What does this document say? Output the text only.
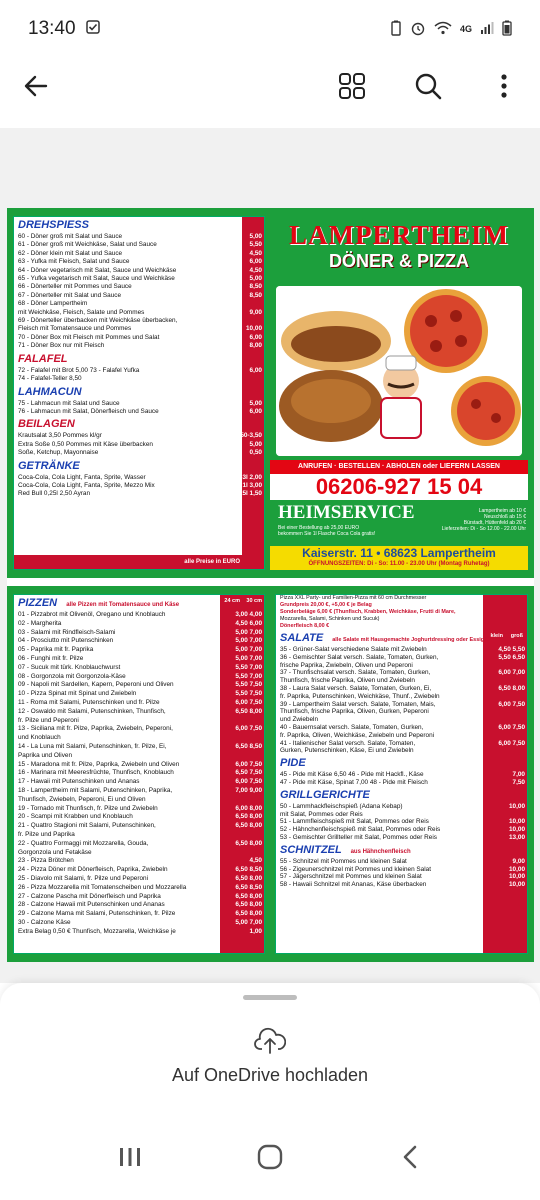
13:40	4G
DREHSPIESS
60 - Döner groß mit Salat und Sauce	5,00
61 - Döner groß mit Weichkäse, Salat und Sauce	5,50
62 - Döner klein mit Salat und Sauce	4,50
63 - Yufka mit Fleisch, Salat und Sauce	6,00
64 - Döner vegetarisch mit Salat, Sauce und Weichkäse	4,50
65 - Yufka vegetarisch mit Salat, Sauce und Weichkäse	5,00
66 - Dönerteller mit Pommes und Sauce	8,50
67 - Dönerteller mit Salat und Sauce	8,50
68 - Döner Lampertheim
mit Weichkäse, Fleisch, Salate und Pommes	9,00
69 - Dönerteller überbacken mit Weichkäse überbacken,
Fleisch mit Tomatensauce und Pommes	10,00
70 - Döner Box mit Fleisch mit Pommes und Salat	6,00
71 - Döner Box nur mit Fleisch	8,00
FALAFEL
72 - Falafel mit Brot 5,00 73 - Falafel Yufka	6,00
74 - Falafel-Teller 8,50
LAHMACUN
75 - Lahmacun mit Salat und Sauce	5,00
76 - Lahmacun mit Salat, Dönerfleisch und Sauce	6,00
BEILAGEN
Krautsalat 3,50 Pommes kl/gr	2,50-3,50
Extra Soße 0,50 Pommes mit Käse überbacken	5,00
Soße, Ketchup, Mayonnaise	0,50
GETRÄNKE
Coca-Cola, Cola Light, Fanta, Sprite, Wasser	0,33l 2,00
Coca-Cola, Cola Light, Fanta, Sprite, Mezzo Mix	1l 3,00
Red Bull 0,25l 2,50 Ayran	0,25l 1,50
alle Preise in EURO
LAMPERTHEIM
DÖNER & PIZZA
ANRUFEN · BESTELLEN · ABHOLEN oder LIEFERN LASSEN
06206-927 15 04
HEIMSERVICE
Bei einer Bestellung ab 25,00 EURO
bekommen Sie 1l Flasche Coca Cola gratis!
Lampertheim ab 10 €
Neuschloß ab 15 €
Bürstadt, Hüttenfeld ab 20 €
Lieferzeiten: Di - So 12.00 - 22.00 Uhr
Kaiserstr. 11 • 68623 Lampertheim
ÖFFNUNGSZEITEN: Di - So: 11.00 - 23.00 Uhr (Montag Ruhetag)
PIZZEN alle Pizzen mit Tomatensauce und Käse
24 cm 30 cm
01 - Pizzabrot mit Olivenöl, Oregano und Knoblauch	3,00 4,00
02 - Margherita	4,50 6,00
03 - Salami mit Rindfleisch-Salami	5,00 7,00
04 - Prosciutto mit Putenschinken	5,00 7,00
05 - Paprika mit fr. Paprika	5,00 7,00
06 - Funghi mit fr. Pilze	5,00 7,00
07 - Sucuk mit türk. Knoblauchwurst	5,50 7,00
08 - Gorgonzola mit Gorgonzola-Käse	5,50 7,00
09 - Napoli mit Sardellen, Kapern, Peperoni und Oliven	5,50 7,50
10 - Pizza Spinat mit Spinat und Zwiebeln	5,50 7,50
11 - Roma mit Salami, Putenschinken und fr. Pilze	6,00 7,50
12 - Oswaldo mit Salami, Putenschinken, Thunfisch,	6,50 8,00
fr. Pilze und Peperoni
13 - Siciliana mit fr. Pilze, Paprika, Zwiebeln, Peperoni,	6,00 7,50
und Knoblauch
14 - La Luna mit Salami, Putenschinken, fr. Pilze, Ei,	6,50 8,50
Paprika und Oliven
15 - Maradona mit fr. Pilze, Paprika, Zwiebeln und Oliven	6,00 7,50
16 - Marinara mit Meeresfrüchte, Thunfisch, Knoblauch	6,50 7,50
17 - Hawaii mit Putenschinken und Ananas	6,00 7,50
18 - Lampertheim mit Salami, Putenschinken, Paprika,	7,00 9,00
Thunfisch, Zwiebeln, Peperoni, Ei und Oliven
19 - Tornado mit Thunfisch, fr. Pilze und Zwiebeln	6,00 8,00
20 - Scampi mit Krabben und Knoblauch	6,50 8,00
21 - Quattro Stagioni mit Salami, Putenschinken,	6,50 8,00
fr. Pilze und Paprika
22 - Quattro Formaggi mit Mozzarella, Gouda,	6,50 8,00
Gorgonzola und Fetakäse
23 - Pizza Brötchen	4,50
24 - Pizza Döner mit Dönerfleisch, Paprika, Zwiebeln	6,50 8,50
25 - Diavolo mit Salami, fr. Pilze und Peperoni	6,50 8,00
26 - Pizza Mozzarella mit Tomatenscheiben und Mozzarella	6,50 8,50
27 - Calzone Pascha mit Dönerfleisch und Paprika	6,50 8,00
28 - Calzone Hawaii mit Putenschinken und Ananas	6,50 8,00
29 - Calzone Mama mit Salami, Putenschinken, fr. Pilze	6,50 8,00
30 - Calzone Käse	5,00 7,00
Extra Belag 0,50 € Thunfisch, Mozzarella, Weichkäse je	1,00
Pizza XXL Party- und Familien-Pizza mit 60 cm Durchmesser
Grundpreis 20,00 €, +5,00 € je Belag
Sonderbeläge 6,00 € (Thunfisch, Krabben, Weichkäse, Frutti di Mare,
Mozzarella, Salami, Schinken und Sucuk)
Dönerfleisch 8,00 €
SALATE alle Salate mit Hausgemachte Joghurtdressing oder Essig-Öl
klein groß
35 - Grüner-Salat verschiedene Salate mit Zwiebeln	4,50 5,50
36 - Gemischter Salat versch. Salate, Tomaten, Gurken,	5,50 6,50
frische Paprika, Zwiebeln, Oliven und Peperoni
37 - Thunfischsalat versch. Salate, Tomaten, Gurken,	6,00 7,00
Thunfisch, frische Paprika, Oliven und Zwiebeln
38 - Laura Salat versch. Salate, Tomaten, Gurken, Ei,	6,50 8,00
fr. Paprika, Putenschinken, Weichkäse, Thunf., Zwiebeln
39 - Lampertheim Salat versch. Salate, Tomaten, Mais,	6,00 7,50
Thunfisch, frische Paprika, Oliven, Gurken, Peperoni
und Zwiebeln
40 - Bauernsalat versch. Salate, Tomaten, Gurken,	6,00 7,50
fr. Paprika, Oliven, Weichkäse, Zwiebeln und Peperoni
41 - Italienischer Salat versch. Salate, Tomaten,	6,00 7,50
Gurken, Putenschinken, Käse, Ei und Zwiebeln
PIDE
45 - Pide mit Käse 6,50 46 - Pide mit Hackfl., Käse	7,00
47 - Pide mit Käse, Spinat 7,00 48 - Pide mit Fleisch	7,50
GRILLGERICHTE
50 - Lammhackfleischspieß (Adana Kebap)	10,00
mit Salat, Pommes oder Reis
51 - Lammfleischspieß mit Salat, Pommes oder Reis	10,00
52 - Hähnchenfleischspieß mit Salat, Pommes oder Reis	10,00
53 - Gemischter Grillteller mit Salat, Pommes oder Reis	13,00
SCHNITZEL aus Hähnchenfleisch
55 - Schnitzel mit Pommes und kleinen Salat	9,00
56 - Zigeunerschnitzel mit Pommes und kleinen Salat	10,00
57 - Jägerschnitzel mit Pommes und kleinen Salat	10,00
58 - Hawaii Schnitzel mit Ananas, Käse überbacken	10,00
Auf OneDrive hochladen
